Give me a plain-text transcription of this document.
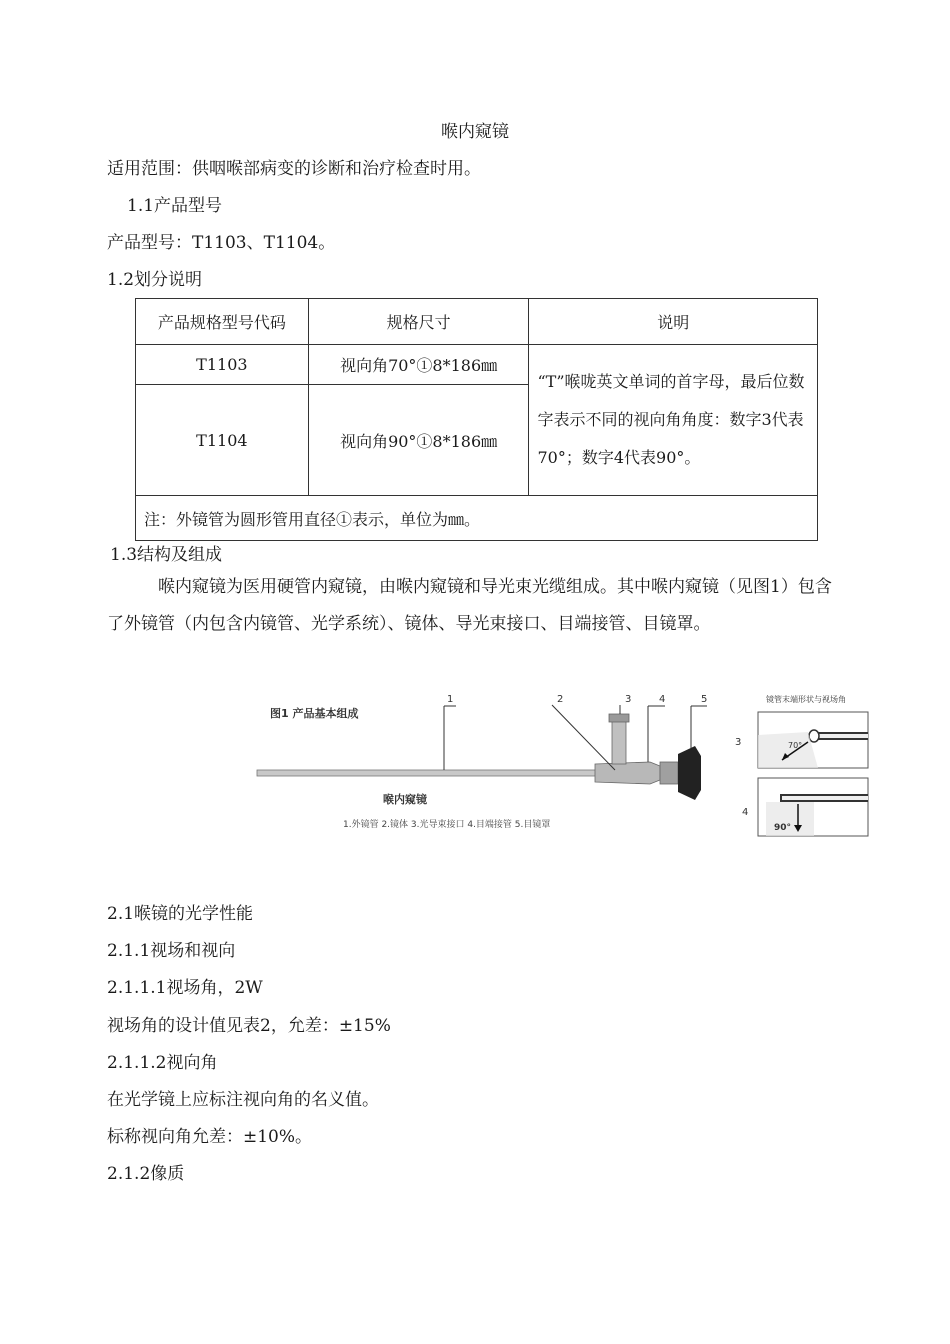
喉内窥镜
适用范围：供咽喉部病变的诊断和治疗检查时用。
1.1产品型号
产品型号：T1103、T1104。
1.2划分说明
产品规格型号代码	规格尺寸	说明
T1103	视向角70°①8*186㎜	“T”喉咙英文单词的首字母，最后位数字表示不同的视向角角度：数字3代表70°；数字4代表90°。
T1104	视向角90°①8*186㎜	
注：外镜管为圆形管用直径①表示，单位为㎜。		
1.3结构及组成
喉内窥镜为医用硬管内窥镜，由喉内窥镜和导光束光缆组成。其中喉内窥镜（见图1）包含了外镜管（内包含内镜管、光学系统）、镜体、导光束接口、目端接管、目镜罩。
图1 产品基本组成
1	2	3	4	5
喉内窥镜
1.外镜管 2.镜体 3.光导束接口 4.目端接管 5.目镜罩
镜管末端形状与视场角
70°
3
90°
4
2.1喉镜的光学性能
2.1.1视场和视向
2.1.1.1视场角，2W
视场角的设计值见表2，允差：±15%
2.1.1.2视向角
在光学镜上应标注视向角的名义值。
标称视向角允差：±10%。
2.1.2像质
